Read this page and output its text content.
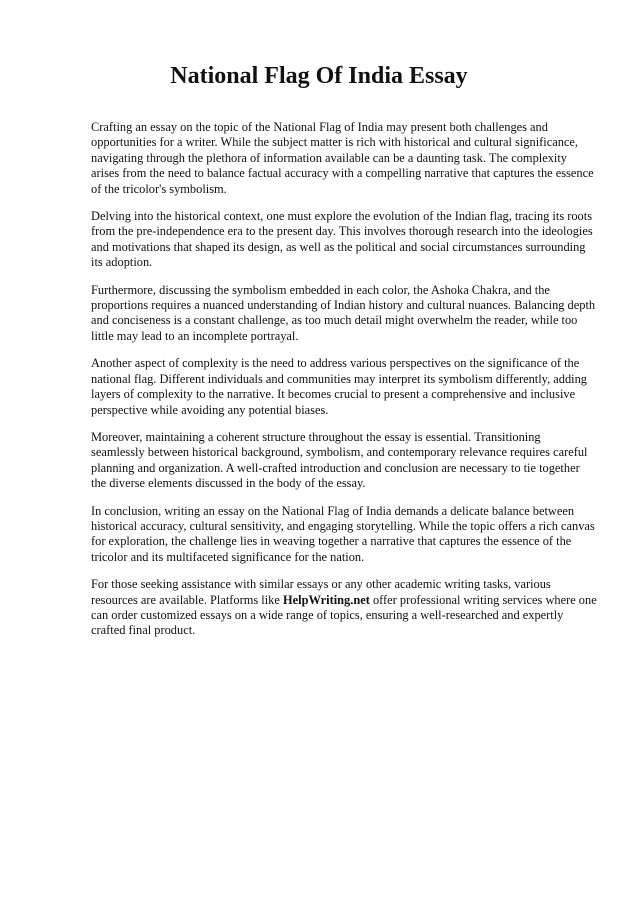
National Flag Of India Essay

Crafting an essay on the topic of the National Flag of India may present both challenges and opportunities for a writer. While the subject matter is rich with historical and cultural significance, navigating through the plethora of information available can be a daunting task. The complexity arises from the need to balance factual accuracy with a compelling narrative that captures the essence of the tricolor's symbolism.

Delving into the historical context, one must explore the evolution of the Indian flag, tracing its roots from the pre-independence era to the present day. This involves thorough research into the ideologies and motivations that shaped its design, as well as the political and social circumstances surrounding its adoption.

Furthermore, discussing the symbolism embedded in each color, the Ashoka Chakra, and the proportions requires a nuanced understanding of Indian history and cultural nuances. Balancing depth and conciseness is a constant challenge, as too much detail might overwhelm the reader, while too little may lead to an incomplete portrayal.

Another aspect of complexity is the need to address various perspectives on the significance of the national flag. Different individuals and communities may interpret its symbolism differently, adding layers of complexity to the narrative. It becomes crucial to present a comprehensive and inclusive perspective while avoiding any potential biases.

Moreover, maintaining a coherent structure throughout the essay is essential. Transitioning seamlessly between historical background, symbolism, and contemporary relevance requires careful planning and organization. A well-crafted introduction and conclusion are necessary to tie together the diverse elements discussed in the body of the essay.

In conclusion, writing an essay on the National Flag of India demands a delicate balance between historical accuracy, cultural sensitivity, and engaging storytelling. While the topic offers a rich canvas for exploration, the challenge lies in weaving together a narrative that captures the essence of the tricolor and its multifaceted significance for the nation.

For those seeking assistance with similar essays or any other academic writing tasks, various resources are available. Platforms like HelpWriting.net offer professional writing services where one can order customized essays on a wide range of topics, ensuring a well-researched and expertly crafted final product.
